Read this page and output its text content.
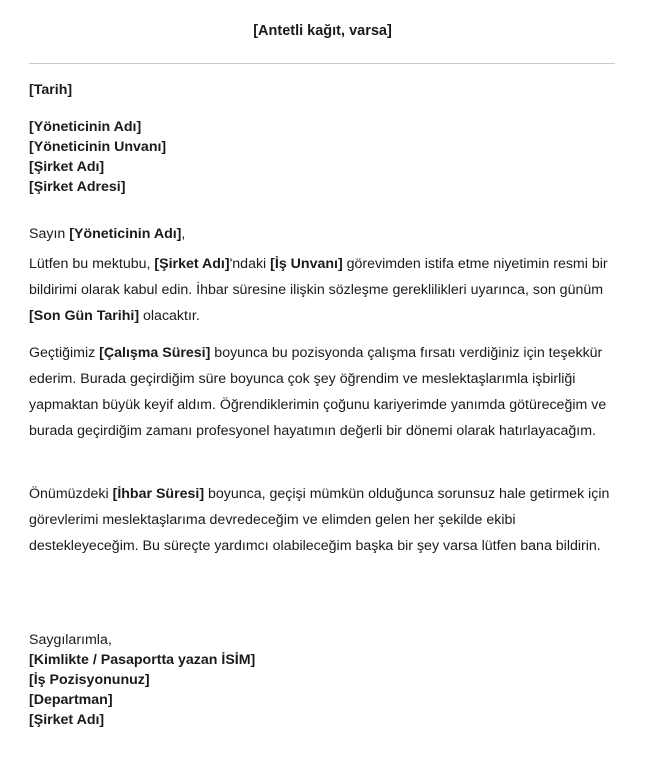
[Antetli kağıt, varsa]
[Tarih]
[Yöneticinin Adı]
[Yöneticinin Unvanı]
[Şirket Adı]
[Şirket Adresi]
Sayın [Yöneticinin Adı],
Lütfen bu mektubu, [Şirket Adı]'ndaki [İş Unvanı] görevimden istifa etme niyetimin resmi bir bildirimi olarak kabul edin. İhbar süresine ilişkin sözleşme gereklilikleri uyarınca, son günüm [Son Gün Tarihi] olacaktır.
Geçtiğimiz [Çalışma Süresi] boyunca bu pozisyonda çalışma fırsatı verdiğiniz için teşekkür ederim. Burada geçirdiğim süre boyunca çok şey öğrendim ve meslektaşlarımla işbirliği yapmaktan büyük keyif aldım. Öğrendiklerimin çoğunu kariyerimde yanımda götüreceğim ve burada geçirdiğim zamanı profesyonel hayatımın değerli bir dönemi olarak hatırlayacağım.
Önümüzdeki [İhbar Süresi] boyunca, geçişi mümkün olduğunca sorunsuz hale getirmek için görevlerimi meslektaşlarıma devredeceğim ve elimden gelen her şekilde ekibi destekleyeceğim. Bu süreçte yardımcı olabileceğim başka bir şey varsa lütfen bana bildirin.
Saygılarımla,
[Kimlikte / Pasaportta yazan İSİM]
[İş Pozisyonunuz]
[Departman]
[Şirket Adı]
